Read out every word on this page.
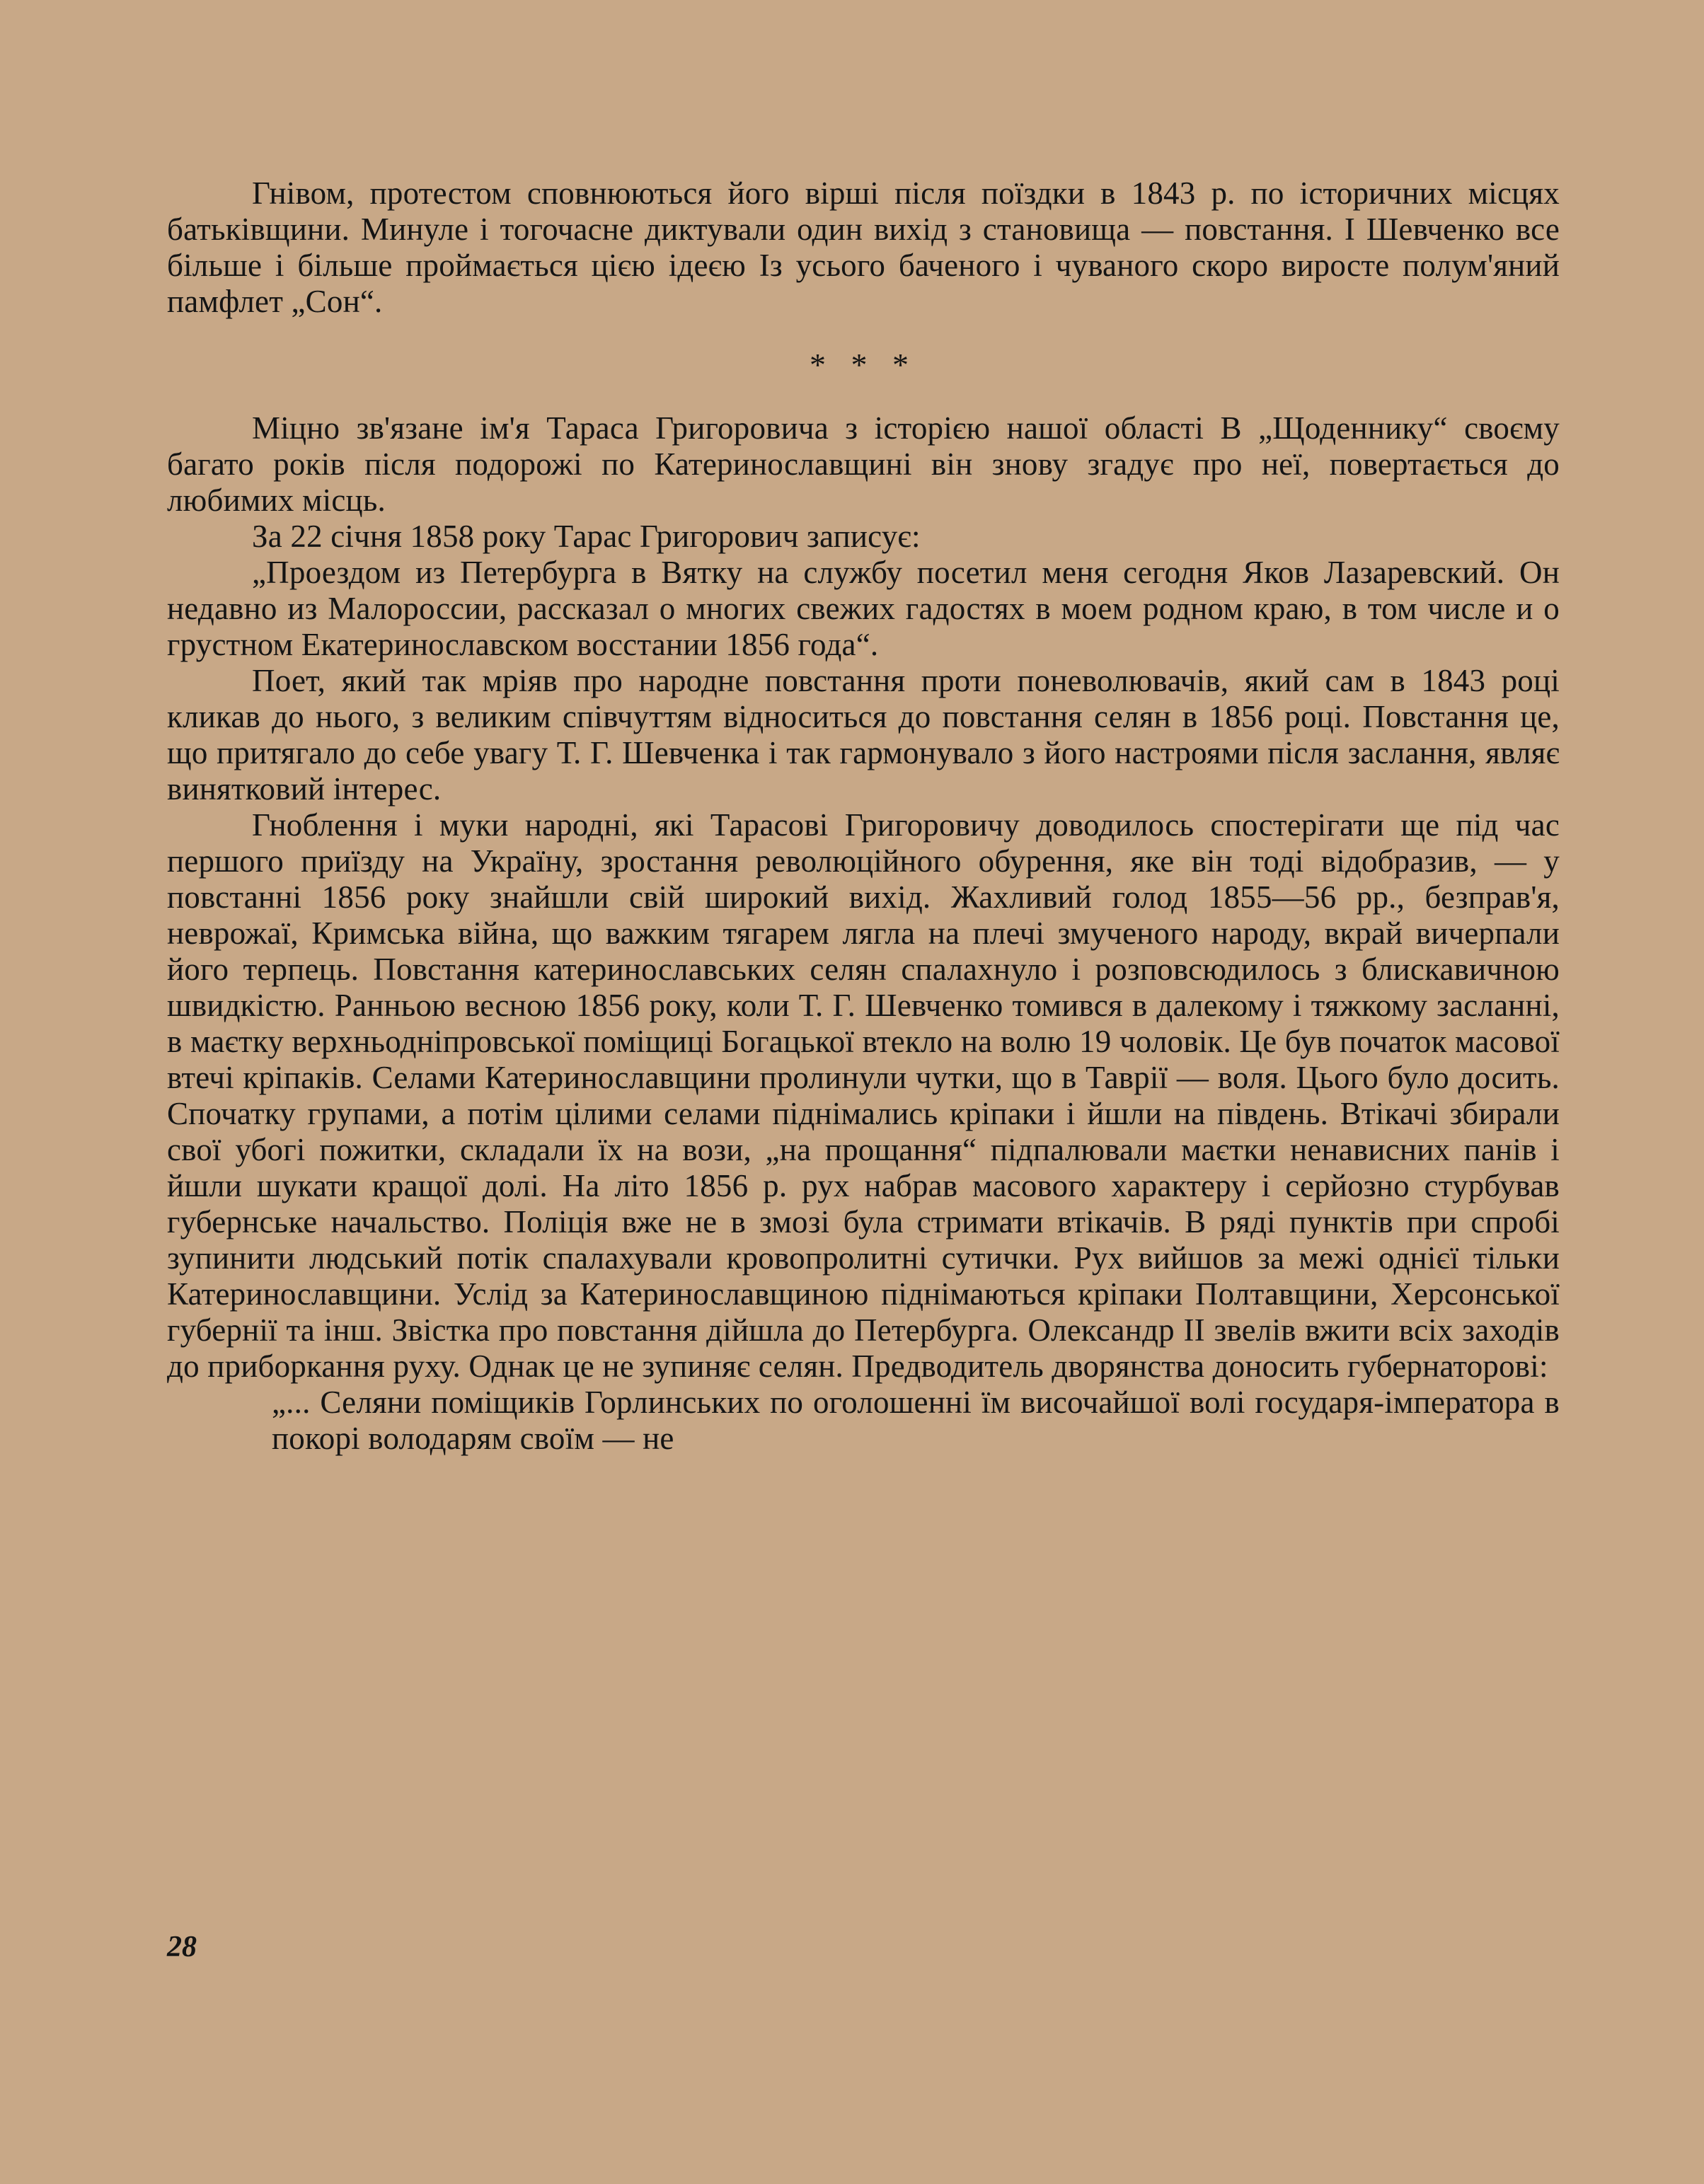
Гнівом, протестом сповнюються його вірші після поїздки в 1843 р. по історичних місцях батьківщини. Минуле і тогочасне диктували один вихід з становища — повстання. І Шевченко все більше і більше проймається цією ідеєю Із усього баченого і чуваного скоро виросте полум'яний памфлет „Сон“.

* * *

Міцно зв'язане ім'я Тараса Григоровича з історією нашої області В „Щоденнику“ своєму багато років після подорожі по Катеринославщині він знову згадує про неї, повертається до любимих місць.

За 22 січня 1858 року Тарас Григорович записує:

„Проездом из Петербурга в Вятку на службу посетил меня сегодня Яков Лазаревский. Он недавно из Малороссии, рассказал о многих свежих гадостях в моем родном краю, в том числе и о грустном Екатеринославском восстании 1856 года“.

Поет, який так мріяв про народне повстання проти поневолювачів, який сам в 1843 році кликав до нього, з великим співчуттям відноситься до повстання селян в 1856 році. Повстання це, що притягало до себе увагу Т. Г. Шевченка і так гармонувало з його настроями після заслання, являє винятковий інтерес.

Гноблення і муки народні, які Тарасові Григоровичу доводилось спостерігати ще під час першого приїзду на Україну, зростання революційного обурення, яке він тоді відобразив, — у повстанні 1856 року знайшли свій широкий вихід. Жахливий голод 1855—56 рр., безправ'я, неврожаї, Кримська війна, що важким тягарем лягла на плечі змученого народу, вкрай вичерпали його терпець. Повстання катеринославських селян спалахнуло і розповсюдилось з блискавичною швидкістю. Ранньою весною 1856 року, коли Т. Г. Шевченко томився в далекому і тяжкому засланні, в маєтку верхньодніпровської поміщиці Богацької втекло на волю 19 чоловік. Це був початок масової втечі кріпаків. Селами Катеринославщини пролинули чутки, що в Таврії — воля. Цього було досить. Спочатку групами, а потім цілими селами піднімались кріпаки і йшли на південь. Втікачі збирали свої убогі пожитки, складали їх на вози, „на прощання“ підпалювали маєтки ненависних панів і йшли шукати кращої долі. На літо 1856 р. рух набрав масового характеру і серйозно стурбував губернське начальство. Поліція вже не в змозі була стримати втікачів. В ряді пунктів при спробі зупинити людський потік спалахували кровопролитні сутички. Рух вийшов за межі однієї тільки Катеринославщини. Услід за Катеринославщиною піднімаються кріпаки Полтавщини, Херсонської губернії та інш. Звістка про повстання дійшла до Петербурга. Олександр II звелів вжити всіх заходів до приборкання руху. Однак це не зупиняє селян. Предводитель дворянства доносить губернаторові:

„... Селяни поміщиків Горлинських по оголошенні їм височайшої волі государя-імператора в покорі володарям своїм — не

28
